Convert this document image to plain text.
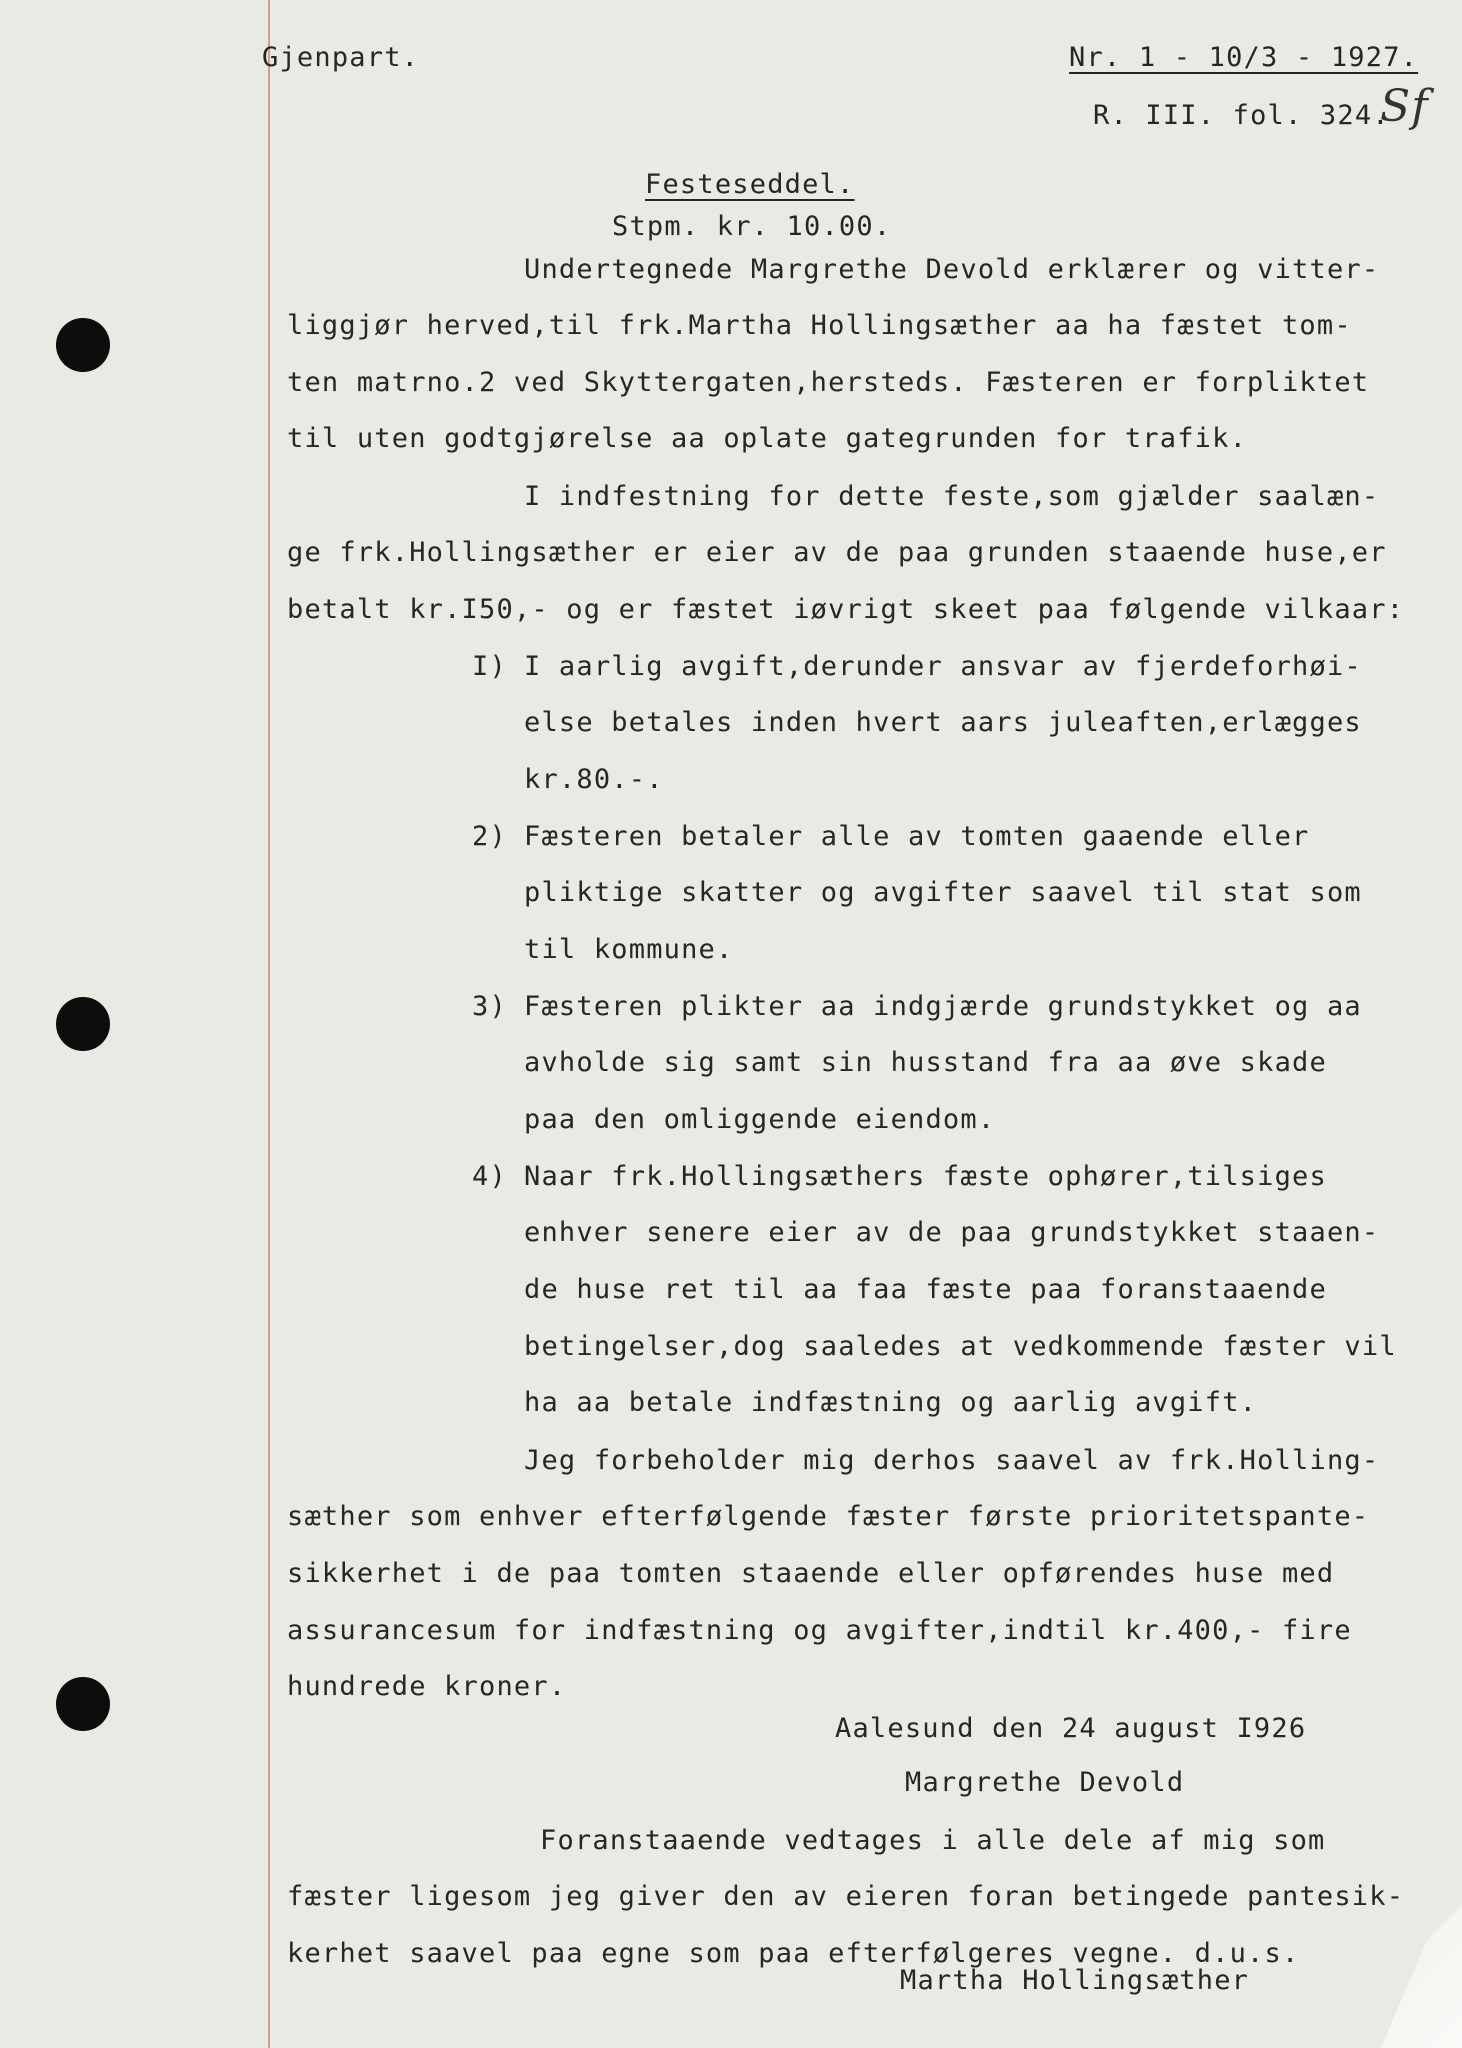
Gjenpart.	Nr. 1 - 10/3 - 1927.
R. III. fol. 324.
Sf
Festeseddel.
Stpm. kr. 10.00.
Undertegnede Margrethe Devold erklærer og vitter-
liggjør herved,til frk.Martha Hollingsæther aa ha fæstet tom-
ten matrno.2 ved Skyttergaten,hersteds. Fæsteren er forpliktet
til uten godtgjørelse aa oplate gategrunden for trafik.
I indfestning for dette feste,som gjælder saalæn-
ge frk.Hollingsæther er eier av de paa grunden staaende huse,er
betalt kr.I50,- og er fæstet iøvrigt skeet paa følgende vilkaar:
I) I aarlig avgift,derunder ansvar av fjerdeforhøi-
else betales inden hvert aars juleaften,erlægges
kr.80.-.
2) Fæsteren betaler alle av tomten gaaende eller
pliktige skatter og avgifter saavel til stat som
til kommune.
3) Fæsteren plikter aa indgjærde grundstykket og aa
avholde sig samt sin husstand fra aa øve skade
paa den omliggende eiendom.
4) Naar frk.Hollingsæthers fæste ophører,tilsiges
enhver senere eier av de paa grundstykket staaen-
de huse ret til aa faa fæste paa foranstaaende
betingelser,dog saaledes at vedkommende fæster vil
ha aa betale indfæstning og aarlig avgift.
Jeg forbeholder mig derhos saavel av frk.Holling-
sæther som enhver efterfølgende fæster første prioritetspante-
sikkerhet i de paa tomten staaende eller opførendes huse med
assurancesum for indfæstning og avgifter,indtil kr.400,- fire
hundrede kroner.
Aalesund den 24 august I926
Margrethe Devold
Foranstaaende vedtages i alle dele af mig som
fæster ligesom jeg giver den av eieren foran betingede pantesik-
kerhet saavel paa egne som paa efterfølgeres vegne. d.u.s.
Martha Hollingsæther
